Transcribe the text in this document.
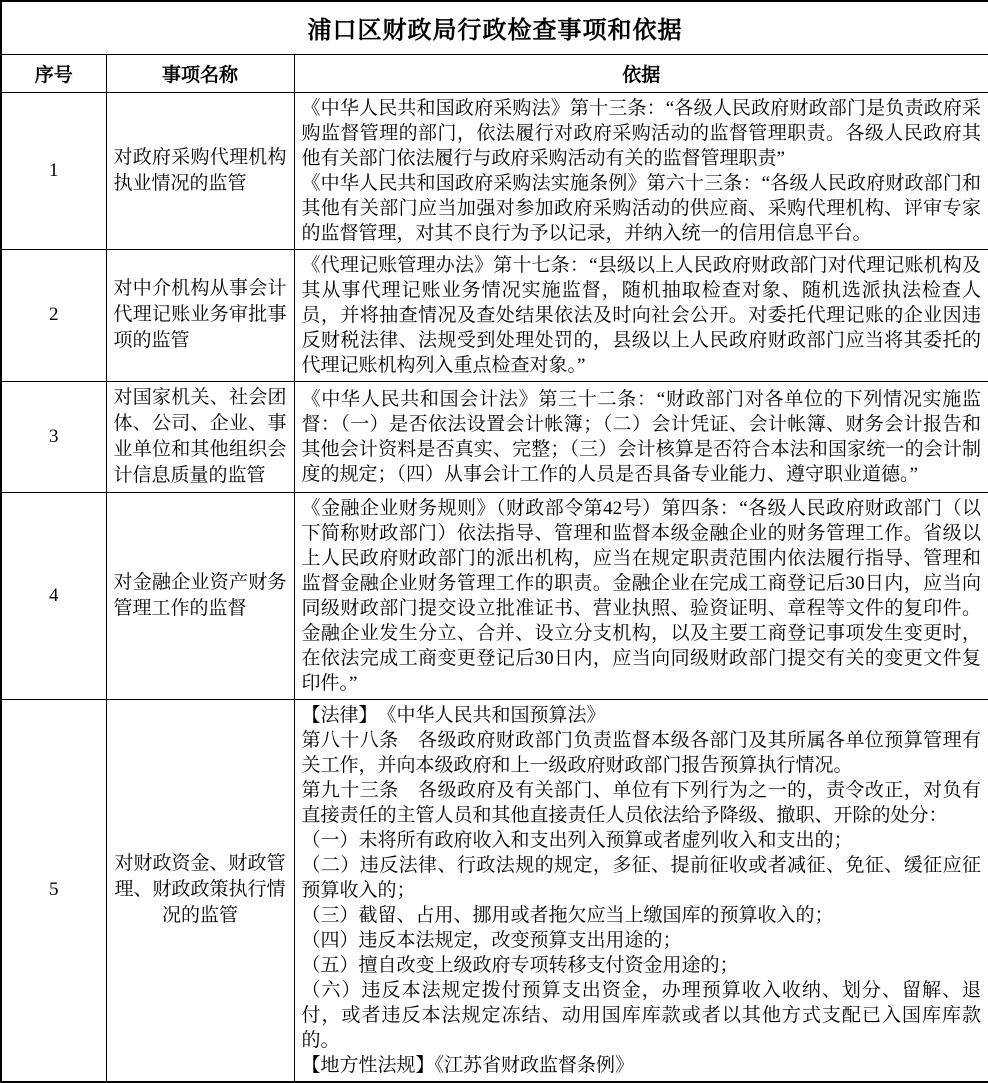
浦口区财政局行政检查事项和依据		
序号	事项名称	依据
1	对政府采购代理机构执业情况的监管	《中华人民共和国政府采购法》第十三条：“各级人民政府财政部门是负责政府采购监督管理的部门，依法履行对政府采购活动的监督管理职责。各级人民政府其他有关部门依法履行与政府采购活动有关的监督管理职责”

《中华人民共和国政府采购法实施条例》第六十三条：“各级人民政府财政部门和其他有关部门应当加强对参加政府采购活动的供应商、采购代理机构、评审专家的监督管理，对其不良行为予以记录，并纳入统一的信用信息平台。

2	对中介机构从事会计代理记账业务审批事项的监管	《代理记账管理办法》第十七条：“县级以上人民政府财政部门对代理记账机构及其从事代理记账业务情况实施监督，随机抽取检查对象、随机选派执法检查人员，并将抽查情况及查处结果依法及时向社会公开。对委托代理记账的企业因违反财税法律、法规受到处理处罚的，县级以上人民政府财政部门应当将其委托的代理记账机构列入重点检查对象。”

3	对国家机关、社会团体、公司、企业、事业单位和其他组织会计信息质量的监管	《中华人民共和国会计法》第三十二条：“财政部门对各单位的下列情况实施监督：（一）是否依法设置会计帐簿；（二）会计凭证、会计帐簿、财务会计报告和其他会计资料是否真实、完整；（三）会计核算是否符合本法和国家统一的会计制度的规定；（四）从事会计工作的人员是否具备专业能力、遵守职业道德。”

4	对金融企业资产财务管理工作的监督	《金融企业财务规则》（财政部令第42号）第四条：“各级人民政府财政部门（以下简称财政部门）依法指导、管理和监督本级金融企业的财务管理工作。省级以上人民政府财政部门的派出机构，应当在规定职责范围内依法履行指导、管理和监督金融企业财务管理工作的职责。金融企业在完成工商登记后30日内，应当向同级财政部门提交设立批准证书、营业执照、验资证明、章程等文件的复印件。金融企业发生分立、合并、设立分支机构，以及主要工商登记事项发生变更时，在依法完成工商变更登记后30日内，应当向同级财政部门提交有关的变更文件复印件。”

5	对财政资金、财政管理、财政政策执行情况的监管	

【法律】　《中华人民共和国预算法》

第八十八条　各级政府财政部门负责监督本级各部门及其所属各单位预算管理有关工作，并向本级政府和上一级政府财政部门报告预算执行情况。

第九十三条　各级政府及有关部门、单位有下列行为之一的，责令改正，对负有直接责任的主管人员和其他直接责任人员依法给予降级、撤职、开除的处分：

（一）未将所有政府收入和支出列入预算或者虚列收入和支出的；

（二）违反法律、行政法规的规定，多征、提前征收或者减征、免征、缓征应征预算收入的；

（三）截留、占用、挪用或者拖欠应当上缴国库的预算收入的；

（四）违反本法规定，改变预算支出用途的；

（五）擅自改变上级政府专项转移支付资金用途的；

（六）违反本法规定拨付预算支出资金，办理预算收入收纳、划分、留解、退付，或者违反本法规定冻结、动用国库库款或者以其他方式支配已入国库库款的。

【地方性法规】《江苏省财政监督条例》
